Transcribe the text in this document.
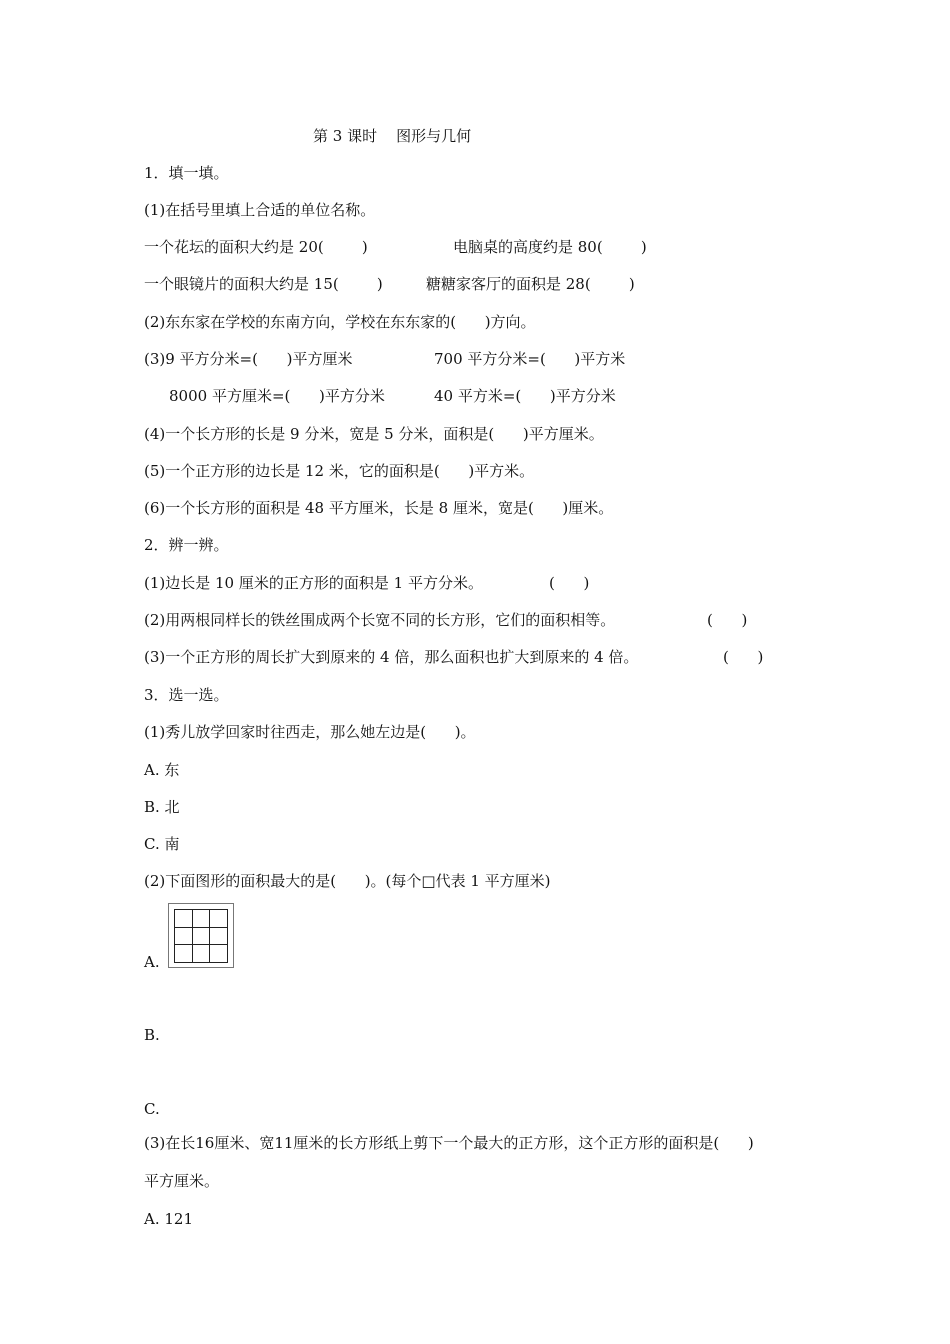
第 3 课时    图形与几何
1．填一填。
(1)在括号里填上合适的单位名称。
一个花坛的面积大约是 20(        )	电脑桌的高度约是 80(        )
一个眼镜片的面积大约是 15(        )	糖糖家客厅的面积是 28(        )
(2)东东家在学校的东南方向，学校在东东家的(      )方向。
(3)9 平方分米=(      )平方厘米	700 平方分米=(      )平方米
8000 平方厘米=(      )平方分米	40 平方米=(      )平方分米
(4)一个长方形的长是 9 分米，宽是 5 分米，面积是(      )平方厘米。
(5)一个正方形的边长是 12 米，它的面积是(      )平方米。
(6)一个长方形的面积是 48 平方厘米，长是 8 厘米，宽是(      )厘米。
2．辨一辨。
(1)边长是 10 厘米的正方形的面积是 1 平方分米。	(      )
(2)用两根同样长的铁丝围成两个长宽不同的长方形，它们的面积相等。	(      )
(3)一个正方形的周长扩大到原来的 4 倍，那么面积也扩大到原来的 4 倍。	(      )
3．选一选。
(1)秀儿放学回家时往西走，那么她左边是(      )。
A. 东
B. 北
C. 南
(2)下面图形的面积最大的是(      )。(每个□代表 1 平方厘米)
A.
B.
C.
(3)在长16厘米、宽11厘米的长方形纸上剪下一个最大的正方形，这个正方形的面积是(      )
平方厘米。
A. 121
